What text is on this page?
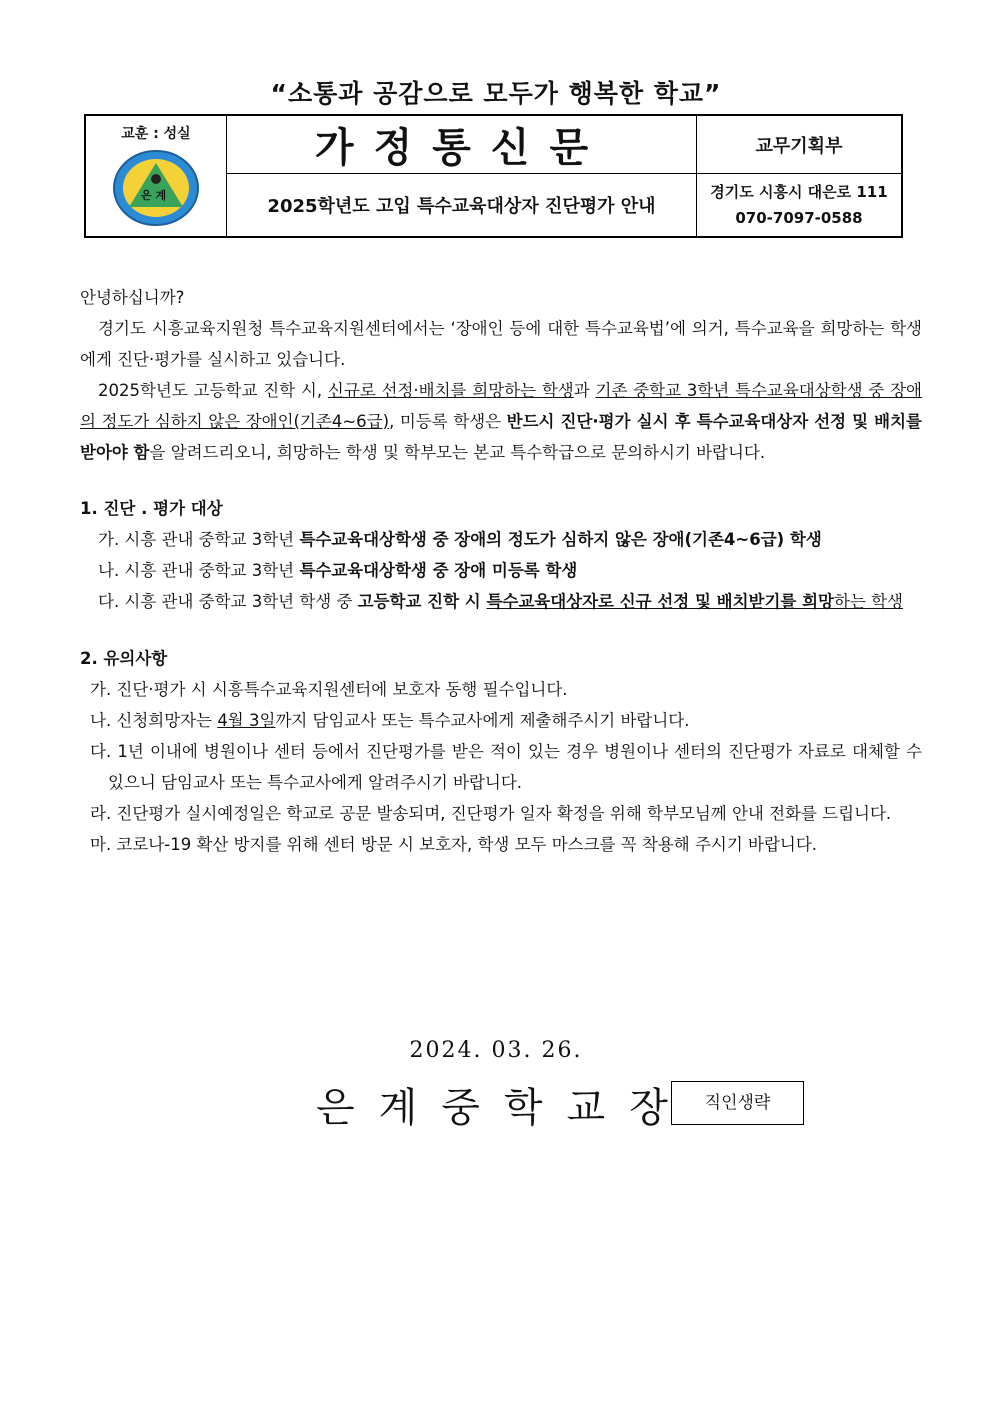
“소통과 공감으로 모두가 행복한 학교”
교훈 : 성실
은 계	가정통신문	교무기획부
	2025학년도 고입 특수교육대상자 진단평가 안내	경기도 시흥시 대은로 111
070-7097-0588

안녕하십니까?

경기도 시흥교육지원청 특수교육지원센터에서는 ‘장애인 등에 대한 특수교육법’에 의거, 특수교육을 희망하는 학생에게 진단·평가를 실시하고 있습니다.

2025학년도 고등학교 진학 시, 신규로 선정·배치를 희망하는 학생과 기존 중학교 3학년 특수교육대상학생 중 장애의 정도가 심하지 않은 장애인(기존4~6급), 미등록 학생은 반드시 진단·평가 실시 후 특수교육대상자 선정 및 배치를 받아야 함을 알려드리오니, 희망하는 학생 및 학부모는 본교 특수학급으로 문의하시기 바랍니다.

1. 진단 . 평가 대상

가. 시흥 관내 중학교 3학년 특수교육대상학생 중 장애의 정도가 심하지 않은 장애(기존4~6급) 학생

나. 시흥 관내 중학교 3학년 특수교육대상학생 중 장애 미등록 학생

다. 시흥 관내 중학교 3학년 학생 중 고등학교 진학 시 특수교육대상자로 신규 선정 및 배치받기를 희망하는 학생

2. 유의사항

가. 진단·평가 시 시흥특수교육지원센터에 보호자 동행 필수입니다.

나. 신청희망자는 4월 3일까지 담임교사 또는 특수교사에게 제출해주시기 바랍니다.

다. 1년 이내에 병원이나 센터 등에서 진단평가를 받은 적이 있는 경우 병원이나 센터의 진단평가 자료로 대체할 수 있으니 담임교사 또는 특수교사에게 알려주시기 바랍니다.

라. 진단평가 실시예정일은 학교로 공문 발송되며, 진단평가 일자 확정을 위해 학부모님께 안내 전화를 드립니다.

마. 코로나-19 확산 방지를 위해 센터 방문 시 보호자, 학생 모두 마스크를 꼭 착용해 주시기 바랍니다.

2024. 03. 26.
은계중학교장 직인생략
